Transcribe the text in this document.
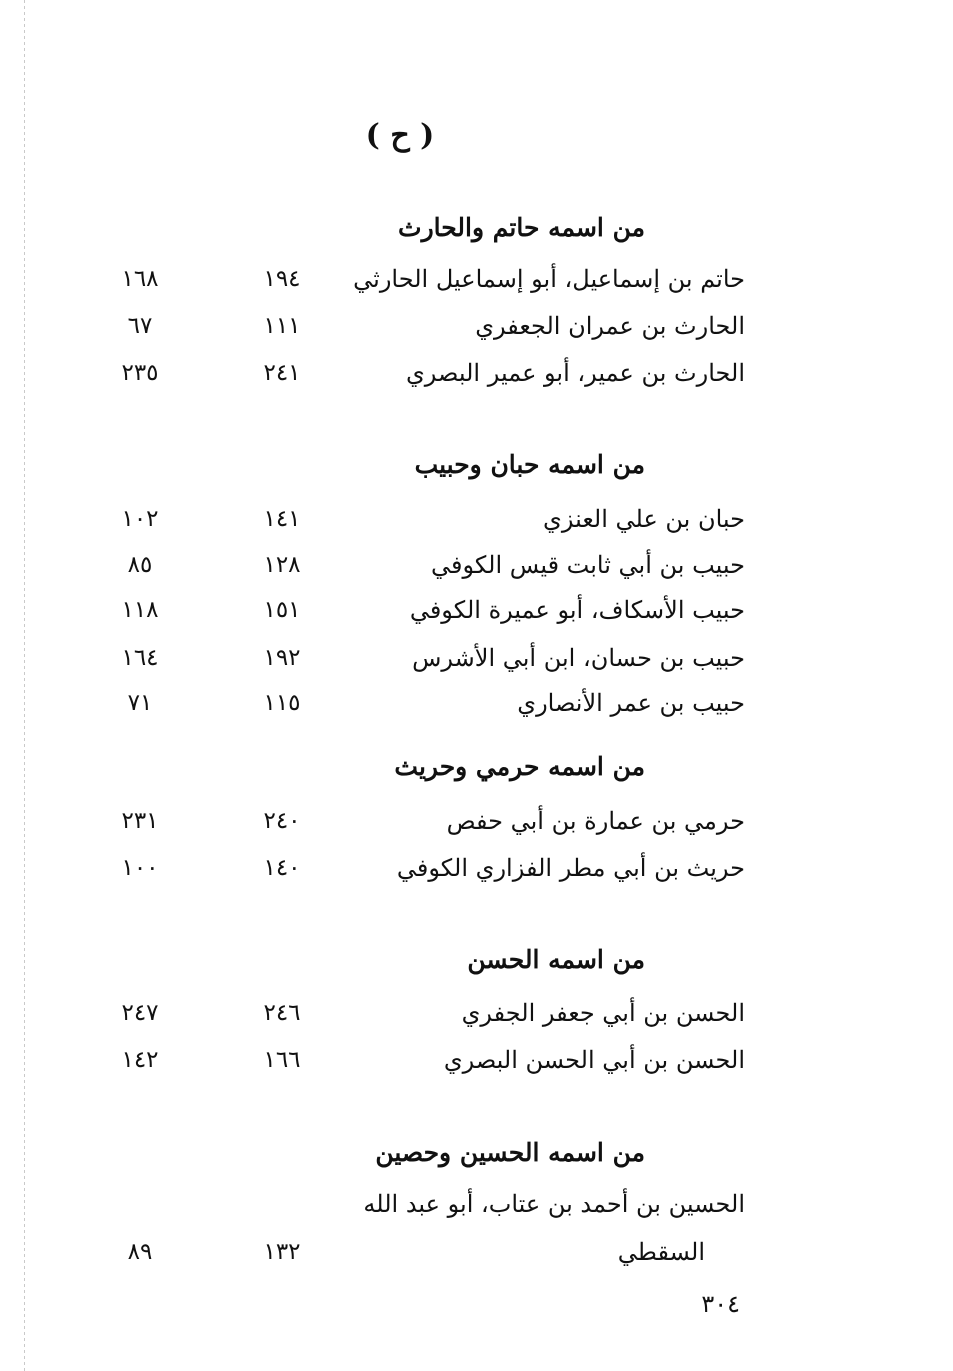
( ح )
من اسمه حاتم والحارث
حاتم بن إسماعيل، أبو إسماعيل الحارثي
١٩٤
١٦٨
الحارث بن عمران الجعفري
١١١
٦٧
الحارث بن عمير، أبو عمير البصري
٢٤١
٢٣٥
من اسمه حبان وحبيب
حبان بن علي العنزي
١٤١
١٠٢
حبيب بن أبي ثابت قيس الكوفي
١٢٨
٨٥
حبيب الأسكاف، أبو عميرة الكوفي
١٥١
١١٨
حبيب بن حسان، ابن أبي الأشرس
١٩٢
١٦٤
حبيب بن عمر الأنصاري
١١٥
٧١
من اسمه حرمي وحريث
حرمي بن عمارة بن أبي حفص
٢٤٠
٢٣١
حريث بن أبي مطر الفزاري الكوفي
١٤٠
١٠٠
من اسمه الحسن
الحسن بن أبي جعفر الجفري
٢٤٦
٢٤٧
الحسن بن أبي الحسن البصري
١٦٦
١٤٢
من اسمه الحسين وحصين
الحسين بن أحمد بن عتاب، أبو عبد الله
السقطي
١٣٢
٨٩
٣٠٤
